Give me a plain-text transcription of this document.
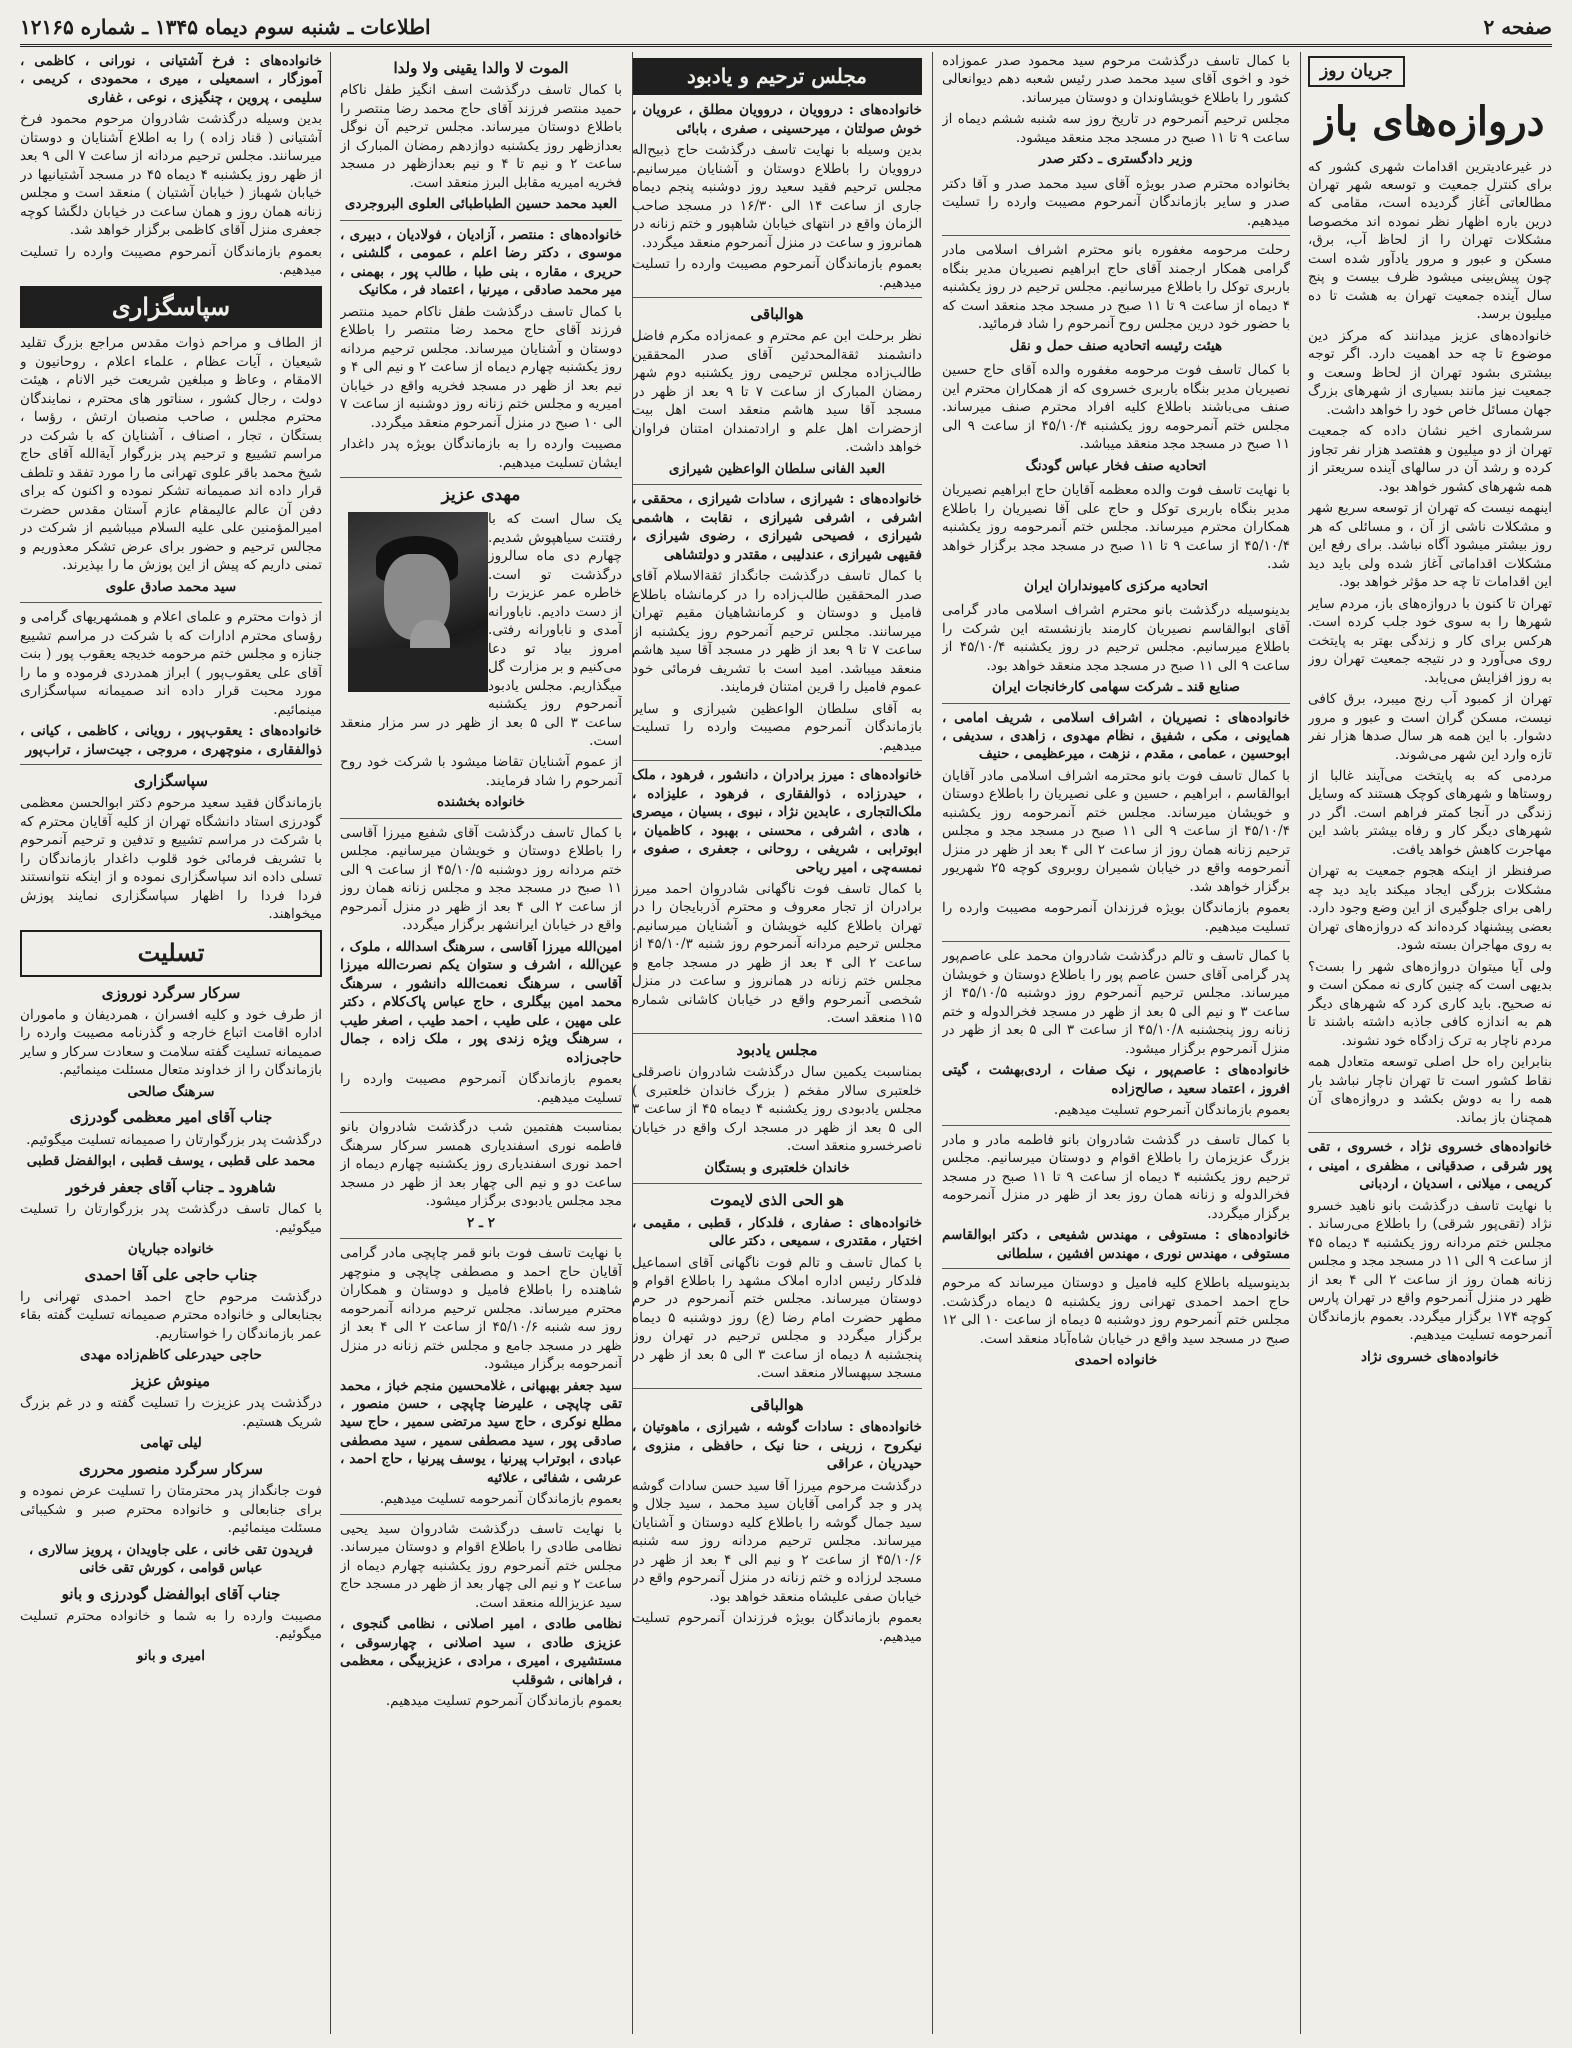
صفحه ۲
اطلاعات ـ شنبه سوم دیماه ۱۳۴۵ ـ شماره ۱۲۱۶۵
جریان روز
دروازه‌های باز

در غیرعادیترین اقدامات شهری کشور که برای کنترل جمعیت و توسعه شهر تهران مطالعاتی آغاز گردیده است، مقامی که درین باره اظهار نظر نموده اند مخصوصا مشکلات تهران را از لحاظ آب، برق، مسکن و عبور و مرور یادآور شده است چون پیش‌بینی میشود ظرف بیست و پنج سال آینده جمعیت تهران به هشت تا ده میلیون برسد.

خانواده‌های عزیز میدانند که مرکز دین موضوع تا چه حد اهمیت دارد. اگر توجه بیشتری بشود تهران از لحاظ وسعت و جمعیت نیز مانند بسیاری از شهرهای بزرگ جهان مسائل خاص خود را خواهد داشت.

سرشماری اخیر نشان داده که جمعیت تهران از دو میلیون و هفتصد هزار نفر تجاوز کرده و رشد آن در سالهای آینده سریعتر از همه شهرهای کشور خواهد بود.

اینهمه نیست که تهران از توسعه سریع شهر و مشکلات ناشی از آن ، و مسائلی که هر روز بیشتر میشود آگاه نباشد. برای رفع این مشکلات اقداماتی آغاز شده ولی باید دید این اقدامات تا چه حد مؤثر خواهد بود.

تهران تا کنون با دروازه‌های باز، مردم سایر شهرها را به سوی خود جلب کرده است. هرکس برای کار و زندگی بهتر به پایتخت روی می‌آورد و در نتیجه جمعیت تهران روز به روز افزایش می‌یابد.

تهران از کمبود آب رنج میبرد، برق کافی نیست، مسکن گران است و عبور و مرور دشوار. با این همه هر سال صدها هزار نفر تازه وارد این شهر می‌شوند.

مردمی که به پایتخت می‌آیند غالبا از روستاها و شهرهای کوچک هستند که وسایل زندگی در آنجا کمتر فراهم است. اگر در شهرهای دیگر کار و رفاه بیشتر باشد این مهاجرت کاهش خواهد یافت.

صرفنظر از اینکه هجوم جمعیت به تهران مشکلات بزرگی ایجاد میکند باید دید چه راهی برای جلوگیری از این وضع وجود دارد. بعضی پیشنهاد کرده‌اند که دروازه‌های تهران به روی مهاجران بسته شود.

ولی آیا میتوان دروازه‌های شهر را بست؟ بدیهی است که چنین کاری نه ممکن است و نه صحیح. باید کاری کرد که شهرهای دیگر هم به اندازه کافی جاذبه داشته باشند تا مردم ناچار به ترک زادگاه خود نشوند.

بنابراین راه حل اصلی توسعه متعادل همه نقاط کشور است تا تهران ناچار نباشد بار همه را به دوش بکشد و دروازه‌های آن همچنان باز بماند.

خانواده‌های خسروی نژاد ، خسروی ، تقی پور شرقی ، صدقیانی ، مظفری ، امینی ، کریمی ، میلانی ، اسدیان ، اردبانی

با نهایت تاسف درگذشت بانو ناهید خسرو نژاد (تقی‌پور شرقی) را باطلاع می‌رساند . مجلس ختم مردانه روز یکشنبه ۴ دیماه ۴۵ از ساعت ۹ الی ۱۱ در مسجد مجد و مجلس زنانه همان روز از ساعت ۲ الی ۴ بعد از ظهر در منزل آنمرحوم واقع در تهران پارس کوچه ۱۷۴ برگزار میگردد. بعموم بازماندگان آنمرحومه تسلیت میدهیم.

خانواده‌های خسروی نژاد

با کمال تاسف درگذشت مرحوم سید محمود صدر عموزاده خود و اخوی آقای سید محمد صدر رئیس شعبه دهم دیوانعالی کشور را باطلاع خویشاوندان و دوستان میرساند.

مجلس ترحیم آنمرحوم در تاریخ روز سه شنبه ششم دیماه از ساعت ۹ تا ۱۱ صبح در مسجد مجد منعقد میشود.

وزیر دادگستری ـ دکتر صدر

بخانواده محترم صدر بویژه آقای سید محمد صدر و آقا دکتر صدر و سایر بازماندگان آنمرحوم مصیبت وارده را تسلیت میدهیم.

رحلت مرحومه مغفوره بانو محترم اشراف اسلامی مادر گرامی همکار ارجمند آقای حاج ابراهیم نصیریان مدیر بنگاه باربری توکل را باطلاع میرسانیم. مجلس ترحیم در روز یکشنبه ۴ دیماه از ساعت ۹ تا ۱۱ صبح در مسجد مجد منعقد است که با حضور خود درین مجلس روح آنمرحوم را شاد فرمائید.

هیئت رئیسه اتحادیه صنف حمل و نقل

با کمال تاسف فوت مرحومه مغفوره والده آقای حاج حسین نصیریان مدیر بنگاه باربری خسروی که از همکاران محترم این صنف می‌باشند باطلاع کلیه افراد محترم صنف میرساند. مجلس ختم آنمرحومه روز یکشنبه ۴۵/۱۰/۴ از ساعت ۹ الی ۱۱ صبح در مسجد مجد منعقد میباشد.

اتحادیه صنف فخار عباس گودنگ

با نهایت تاسف فوت والده معظمه آقایان حاج ابراهیم نصیریان مدیر بنگاه باربری توکل و حاج علی آقا نصیریان را باطلاع همکاران محترم میرساند. مجلس ختم آنمرحومه روز یکشنبه ۴۵/۱۰/۴ از ساعت ۹ تا ۱۱ صبح در مسجد مجد برگزار خواهد شد.

اتحادیه مرکزی کامیونداران ایران

بدینوسیله درگذشت بانو محترم اشراف اسلامی مادر گرامی آقای ابوالقاسم نصیریان کارمند بازنشسته این شرکت را باطلاع میرسانیم. مجلس ترحیم در روز یکشنبه ۴۵/۱۰/۴ از ساعت ۹ الی ۱۱ صبح در مسجد مجد منعقد خواهد بود.

صنایع قند ـ شرکت سهامی کارخانجات ایران

خانواده‌های : نصیریان ، اشراف اسلامی ، شریف امامی ، همایونی ، مکی ، شفیق ، نظام مهدوی ، زاهدی ، سدیفی ، ابوحسین ، عمامی ، مقدم ، نزهت ، میرعظیمی ، حنیف

با کمال تاسف فوت بانو محترمه اشراف اسلامی مادر آقایان ابوالقاسم ، ابراهیم ، حسین و علی نصیریان را باطلاع دوستان و خویشان میرساند. مجلس ختم آنمرحومه روز یکشنبه ۴۵/۱۰/۴ از ساعت ۹ الی ۱۱ صبح در مسجد مجد و مجلس ترحیم زنانه همان روز از ساعت ۲ الی ۴ بعد از ظهر در منزل آنمرحومه واقع در خیابان شمیران روبروی کوچه ۲۵ شهریور برگزار خواهد شد.

بعموم بازماندگان بویژه فرزندان آنمرحومه مصیبت وارده را تسلیت میدهیم.

با کمال تاسف و تالم درگذشت شادروان محمد علی عاصم‌پور پدر گرامی آقای حسن عاصم پور را باطلاع دوستان و خویشان میرساند. مجلس ترحیم آنمرحوم روز دوشنبه ۴۵/۱۰/۵ از ساعت ۳ و نیم الی ۵ بعد از ظهر در مسجد فخرالدوله و ختم زنانه روز پنجشنبه ۴۵/۱۰/۸ از ساعت ۳ الی ۵ بعد از ظهر در منزل آنمرحوم برگزار میشود.

خانواده‌های : عاصم‌پور ، نیک صفات ، اردی‌بهشت ، گیتی افروز ، اعتماد سعید ، صالح‌زاده

بعموم بازماندگان آنمرحوم تسلیت میدهیم.

با کمال تاسف در گذشت شادروان بانو فاطمه مادر و مادر بزرگ عزیزمان را باطلاع اقوام و دوستان میرسانیم. مجلس ترحیم روز یکشنبه ۴ دیماه از ساعت ۹ تا ۱۱ صبح در مسجد فخرالدوله و زنانه همان روز بعد از ظهر در منزل آنمرحومه برگزار میگردد.

خانواده‌های : مستوفی ، مهندس شفیعی ، دکتر ابوالقاسم مستوفی ، مهندس نوری ، مهندس افشین ، سلطانی

بدینوسیله باطلاع کلیه فامیل و دوستان میرساند که مرحوم حاج احمد احمدی تهرانی روز یکشنبه ۵ دیماه درگذشت. مجلس ختم آنمرحوم روز دوشنبه ۵ دیماه از ساعت ۱۰ الی ۱۲ صبح در مسجد سید واقع در خیابان شاه‌آباد منعقد است.

خانواده احمدی
مجلس ترحیم و یادبود

خانواده‌های : دروویان ، دروویان مطلق ، عرویان ، خوش صولتان ، میرحسینی ، صفری ، بابائی

بدین وسیله با نهایت تاسف درگذشت حاج ذبیح‌اله دروویان را باطلاع دوستان و آشنایان میرسانیم. مجلس ترحیم فقید سعید روز دوشنبه پنجم دیماه جاری از ساعت ۱۴ الی ۱۶/۳۰ در مسجد صاحب الزمان واقع در انتهای خیابان شاهپور و ختم زنانه در همانروز و ساعت در منزل آنمرحوم منعقد میگردد.

بعموم بازماندگان آنمرحوم مصیبت وارده را تسلیت میدهیم.

هوالباقی

نظر برحلت ابن عم محترم و عمه‌زاده مکرم فاضل دانشمند ثقة‌المحدثین آقای صدر المحققین طالب‌زاده مجلس ترحیمی روز یکشنبه دوم شهر رمضان المبارک از ساعت ۷ تا ۹ بعد از ظهر در مسجد آقا سید هاشم منعقد است اهل بیت ازحضرات اهل علم و ارادتمندان امتنان فراوان خواهد داشت.

العبد الفانی سلطان الواعظین شیرازی

خانواده‌های : شیرازی ، سادات شیرازی ، محققی ، اشرفی ، اشرفی شیرازی ، نقابت ، هاشمی شیرازی ، فصیحی شیرازی ، رضوی شیرازی ، فقیهی شیرازی ، عندلیبی ، مقتدر و دولتشاهی

با کمال تاسف درگذشت جانگداز ثقة‌الاسلام آقای صدر المحققین طالب‌زاده را در کرمانشاه باطلاع فامیل و دوستان و کرمانشاهیان مقیم تهران میرسانند. مجلس ترحیم آنمرحوم روز یکشنبه از ساعت ۷ تا ۹ بعد از ظهر در مسجد آقا سید هاشم منعقد میباشد. امید است با تشریف فرمائی خود عموم فامیل را قرین امتنان فرمایند.

به آقای سلطان الواعظین شیرازی و سایر بازماندگان آنمرحوم مصیبت وارده را تسلیت میدهیم.

خانواده‌های : میرز برادران ، دانشور ، فرهود ، ملک ، حیدرزاده ، ذوالفقاری ، فرهود ، علیزاده ، ملک‌التجاری ، عابدین نژاد ، نبوی ، بسیان ، میصری ، هادی ، اشرفی ، محسنی ، بهبود ، کاظمیان ، ابوترابی ، شریفی ، روحانی ، جعفری ، صفوی ، نمسه‌چی ، امیر ریاحی

با کمال تاسف فوت ناگهانی شادروان احمد میرز برادران از تجار معروف و محترم آذربایجان را در تهران باطلاع کلیه خویشان و آشنایان میرسانیم. مجلس ترحیم مردانه آنمرحوم روز شنبه ۴۵/۱۰/۳ از ساعت ۲ الی ۴ بعد از ظهر در مسجد جامع و مجلس ختم زنانه در همانروز و ساعت در منزل شخصی آنمرحوم واقع در خیابان کاشانی شماره ۱۱۵ منعقد است.

مجلس یادبود

بمناسبت یکمین سال درگذشت شادروان ناصرقلی خلعتبری سالار مفخم ( بزرگ خاندان خلعتبری ) مجلس یادبودی روز یکشنبه ۴ دیماه ۴۵ از ساعت ۳ الی ۵ بعد از ظهر در مسجد ارک واقع در خیابان ناصرخسرو منعقد است.

خاندان خلعتبری و بستگان
هو الحی الذی لایموت

خانواده‌های : صفاری ، فلدکار ، قطبی ، مقیمی ، اختیار ، مقتدری ، سمیعی ، دکتر عالی

با کمال تاسف و تالم فوت ناگهانی آقای اسماعیل فلدکار رئیس اداره املاک مشهد را باطلاع اقوام و دوستان میرساند. مجلس ختم آنمرحوم در حرم مطهر حضرت امام رضا (ع) روز دوشنبه ۵ دیماه برگزار میگردد و مجلس ترحیم در تهران روز پنجشنبه ۸ دیماه از ساعت ۳ الی ۵ بعد از ظهر در مسجد سپهسالار منعقد است.

هوالباقی

خانواده‌های : سادات گوشه ، شیرازی ، ماهوتیان ، نیکروح ، زرینی ، حنا نیک ، حافظی ، منزوی ، حیدریان ، عراقی

درگذشت مرحوم میرزا آقا سید حسن سادات گوشه پدر و جد گرامی آقایان سید محمد ، سید جلال و سید جمال گوشه را باطلاع کلیه دوستان و آشنایان میرساند. مجلس ترحیم مردانه روز سه شنبه ۴۵/۱۰/۶ از ساعت ۲ و نیم الی ۴ بعد از ظهر در مسجد لرزاده و ختم زنانه در منزل آنمرحوم واقع در خیابان صفی علیشاه منعقد خواهد بود.

بعموم بازماندگان بویژه فرزندان آنمرحوم تسلیت میدهیم.

الموت لا والدا یقینی ولا ولدا

با کمال تاسف درگذشت اسف انگیز طفل ناکام حمید منتصر فرزند آقای حاج محمد رضا منتصر را باطلاع دوستان میرساند. مجلس ترحیم آن نوگل بعدازظهر روز یکشنبه دوازدهم رمضان المبارک از ساعت ۲ و نیم تا ۴ و نیم بعدازظهر در مسجد فخریه امیریه مقابل البرز منعقد است.

العبد محمد حسین الطباطبائی العلوی البروجردی

خانواده‌های : منتصر ، آزادیان ، فولادیان ، دبیری ، موسوی ، دکتر رضا اعلم ، عمومی ، گلشنی ، حریری ، مقاره ، بنی طبا ، طالب پور ، بهمنی ، میر محمد صادقی ، میرنیا ، اعتماد فر ، مکانیک

با کمال تاسف درگذشت طفل ناکام حمید منتصر فرزند آقای حاج محمد رضا منتصر را باطلاع دوستان و آشنایان میرساند. مجلس ترحیم مردانه روز یکشنبه چهارم دیماه از ساعت ۲ و نیم الی ۴ و نیم بعد از ظهر در مسجد فخریه واقع در خیابان امیریه و مجلس ختم زنانه روز دوشنبه از ساعت ۷ الی ۱۰ صبح در منزل آنمرحوم منعقد میگردد.

مصیبت وارده را به بازماندگان بویژه پدر داغدار ایشان تسلیت میدهیم.

مهدی عزیز

یک سال است که با رفتنت سیاهپوش شدیم. چهارم دی ماه سالروز درگذشت تو است. خاطره عمر عزیزت را از دست دادیم. ناباورانه آمدی و ناباورانه رفتی. امروز بیاد تو دعا می‌کنیم و بر مزارت گل میگذاریم. مجلس یادبود آنمرحوم روز یکشنبه ساعت ۳ الی ۵ بعد از ظهر در سر مزار منعقد است.

از عموم آشنایان تقاضا میشود با شرکت خود روح آنمرحوم را شاد فرمایند.

خانواده بخشنده

با کمال تاسف درگذشت آقای شفیع میرزا آقاسی را باطلاع دوستان و خویشان میرسانیم. مجلس ختم مردانه روز دوشنبه ۴۵/۱۰/۵ از ساعت ۹ الی ۱۱ صبح در مسجد مجد و مجلس زنانه همان روز از ساعت ۲ الی ۴ بعد از ظهر در منزل آنمرحوم واقع در خیابان ایرانشهر برگزار میگردد.

امین‌الله میرزا آقاسی ، سرهنگ اسدالله ، ملوک ، عین‌الله ، اشرف و ستوان یکم نصرت‌الله میرزا آقاسی ، سرهنگ نعمت‌الله دانشور ، سرهنگ محمد امین بیگلری ، حاج عباس پاک‌کلام ، دکتر علی مهین ، علی طیب ، احمد طیب ، اصغر طیب ، سرهنگ ویژه زندی پور ، ملک زاده ، جمال حاجی‌زاده

بعموم بازماندگان آنمرحوم مصیبت وارده را تسلیت میدهیم.

بمناسبت هفتمین شب درگذشت شادروان بانو فاطمه نوری اسفندیاری همسر سرکار سرهنگ احمد نوری اسفندیاری روز یکشنبه چهارم دیماه از ساعت دو و نیم الی چهار بعد از ظهر در مسجد مجد مجلس یادبودی برگزار میشود.

۲ ـ ۲

با نهایت تاسف فوت بانو قمر چاپچی مادر گرامی آقایان حاج احمد و مصطفی چاپچی و منوچهر شاهنده را باطلاع فامیل و دوستان و همکاران محترم میرساند. مجلس ترحیم مردانه آنمرحومه روز سه شنبه ۴۵/۱۰/۶ از ساعت ۲ الی ۴ بعد از ظهر در مسجد جامع و مجلس ختم زنانه در منزل آنمرحومه برگزار میشود.

سید جعفر بهبهانی ، غلامحسین منجم خباز ، محمد تقی چاپچی ، علیرضا چاپچی ، حسن منصور ، مطلع نوکری ، حاج سید مرتضی سمیر ، حاج سید صادقی پور ، سید مصطفی سمیر ، سید مصطفی عبادی ، ابوتراب پیرنیا ، یوسف پیرنیا ، حاج احمد ، عرشی ، شفائی ، علائیه

بعموم بازماندگان آنمرحومه تسلیت میدهیم.

با نهایت تاسف درگذشت شادروان سید یحیی نظامی طادی را باطلاع اقوام و دوستان میرساند. مجلس ختم آنمرحوم روز یکشنبه چهارم دیماه از ساعت ۲ و نیم الی چهار بعد از ظهر در مسجد حاج سید عزیزالله منعقد است.

نظامی طادی ، امیر اصلانی ، نظامی گنجوی ، عزیزی طادی ، سید اصلانی ، چهارسوقی ، مستشیری ، امیری ، مرادی ، عزیزبیگی ، معظمی ، فراهانی ، شوقلب

بعموم بازماندگان آنمرحوم تسلیت میدهیم.

خانواده‌های : فرخ آشتیانی ، نورانی ، کاظمی ، آموزگار ، اسمعیلی ، میری ، محمودی ، کریمی ، سلیمی ، پروین ، چنگیزی ، نوعی ، غفاری

بدین وسیله درگذشت شادروان مرحوم محمود فرخ آشتیانی ( قناد زاده ) را به اطلاع آشنایان و دوستان میرسانند. مجلس ترحیم مردانه از ساعت ۷ الی ۹ بعد از ظهر روز یکشنبه ۴ دیماه ۴۵ در مسجد آشتیانیها در خیابان شهباز ( خیابان آشتیان ) منعقد است و مجلس زنانه همان روز و همان ساعت در خیابان دلگشا کوچه جعفری منزل آقای کاظمی برگزار خواهد شد.

بعموم بازماندگان آنمرحوم مصیبت وارده را تسلیت میدهیم.

سپاسگزاری

از الطاف و مراحم ذوات مقدس مراجع بزرگ تقلید شیعیان ، آیات عظام ، علماء اعلام ، روحانیون و الامقام ، وعاظ و مبلغین شریعت خیر الانام ، هیئت دولت ، رجال کشور ، سناتور های محترم ، نمایندگان محترم مجلس ، صاحب منصبان ارتش ، رؤسا ، بستگان ، تجار ، اصناف ، آشنایان که با شرکت در مراسم تشییع و ترحیم پدر بزرگوار آیة‌الله آقای حاج شیخ محمد باقر علوی تهرانی ما را مورد تفقد و تلطف قرار داده اند صمیمانه تشکر نموده و اکنون که برای دفن آن عالم عالیمقام عازم آستان مقدس حضرت امیرالمؤمنین علی علیه السلام میباشیم از شرکت در مجالس ترحیم و حضور برای عرض تشکر معذوریم و تمنی داریم که پیش از این پوزش ما را بپذیرند.

سید محمد صادق علوی

از ذوات محترم و علمای اعلام و همشهریهای گرامی و رؤسای محترم ادارات که با شرکت در مراسم تشییع جنازه و مجلس ختم مرحومه خدیجه یعقوب پور ( بنت آقای علی یعقوب‌پور ) ابراز همدردی فرموده و ما را مورد محبت قرار داده اند صمیمانه سپاسگزاری مینمائیم.

خانواده‌های : یعقوب‌پور ، رویانی ، کاظمی ، کیانی ، ذوالفقاری ، منوچهری ، مروجی ، جیت‌ساز ، تراب‌پور

سپاسگزاری

بازماندگان فقید سعید مرحوم دکتر ابوالحسن معظمی گودرزی استاد دانشگاه تهران از کلیه آقایان محترم که با شرکت در مراسم تشییع و تدفین و ترحیم آنمرحوم با تشریف فرمائی خود قلوب داغدار بازماندگان را تسلی داده اند سپاسگزاری نموده و از اینکه نتوانستند فردا فردا را اظهار سپاسگزاری نمایند پوزش میخواهند.

تسلیت
سرکار سرگرد نوروزی

از طرف خود و کلیه افسران ، همردیفان و ماموران اداره اقامت اتباع خارجه و گذرنامه مصیبت وارده را صمیمانه تسلیت گفته سلامت و سعادت سرکار و سایر بازماندگان را از خداوند متعال مسئلت مینمائیم.

سرهنگ صالحی
جناب آقای امیر معظمی گودرزی

درگذشت پدر بزرگوارتان را صمیمانه تسلیت میگوئیم.

محمد علی قطبی ، یوسف قطبی ، ابوالفضل قطبی
شاهرود ـ جناب آقای جعفر فرخور

با کمال تاسف درگذشت پدر بزرگوارتان را تسلیت میگوئیم.

خانواده جباریان
جناب حاجی علی آقا احمدی

درگذشت مرحوم حاج احمد احمدی تهرانی را بجنابعالی و خانواده محترم صمیمانه تسلیت گفته بقاء عمر بازماندگان را خواستاریم.

حاجی حیدرعلی کاظم‌زاده مهدی
مینوش عزیز

درگذشت پدر عزیزت را تسلیت گفته و در غم بزرگ شریک هستیم.

لیلی تهامی
سرکار سرگرد منصور محرری

فوت جانگداز پدر محترمتان را تسلیت عرض نموده و برای جنابعالی و خانواده محترم صبر و شکیبائی مسئلت مینمائیم.

فریدون تقی خانی ، علی جاویدان ، پرویز سالاری ، عباس قوامی ، کورش تقی خانی
جناب آقای ابوالفضل گودرزی و بانو

مصیبت وارده را به شما و خانواده محترم تسلیت میگوئیم.

امیری و بانو
